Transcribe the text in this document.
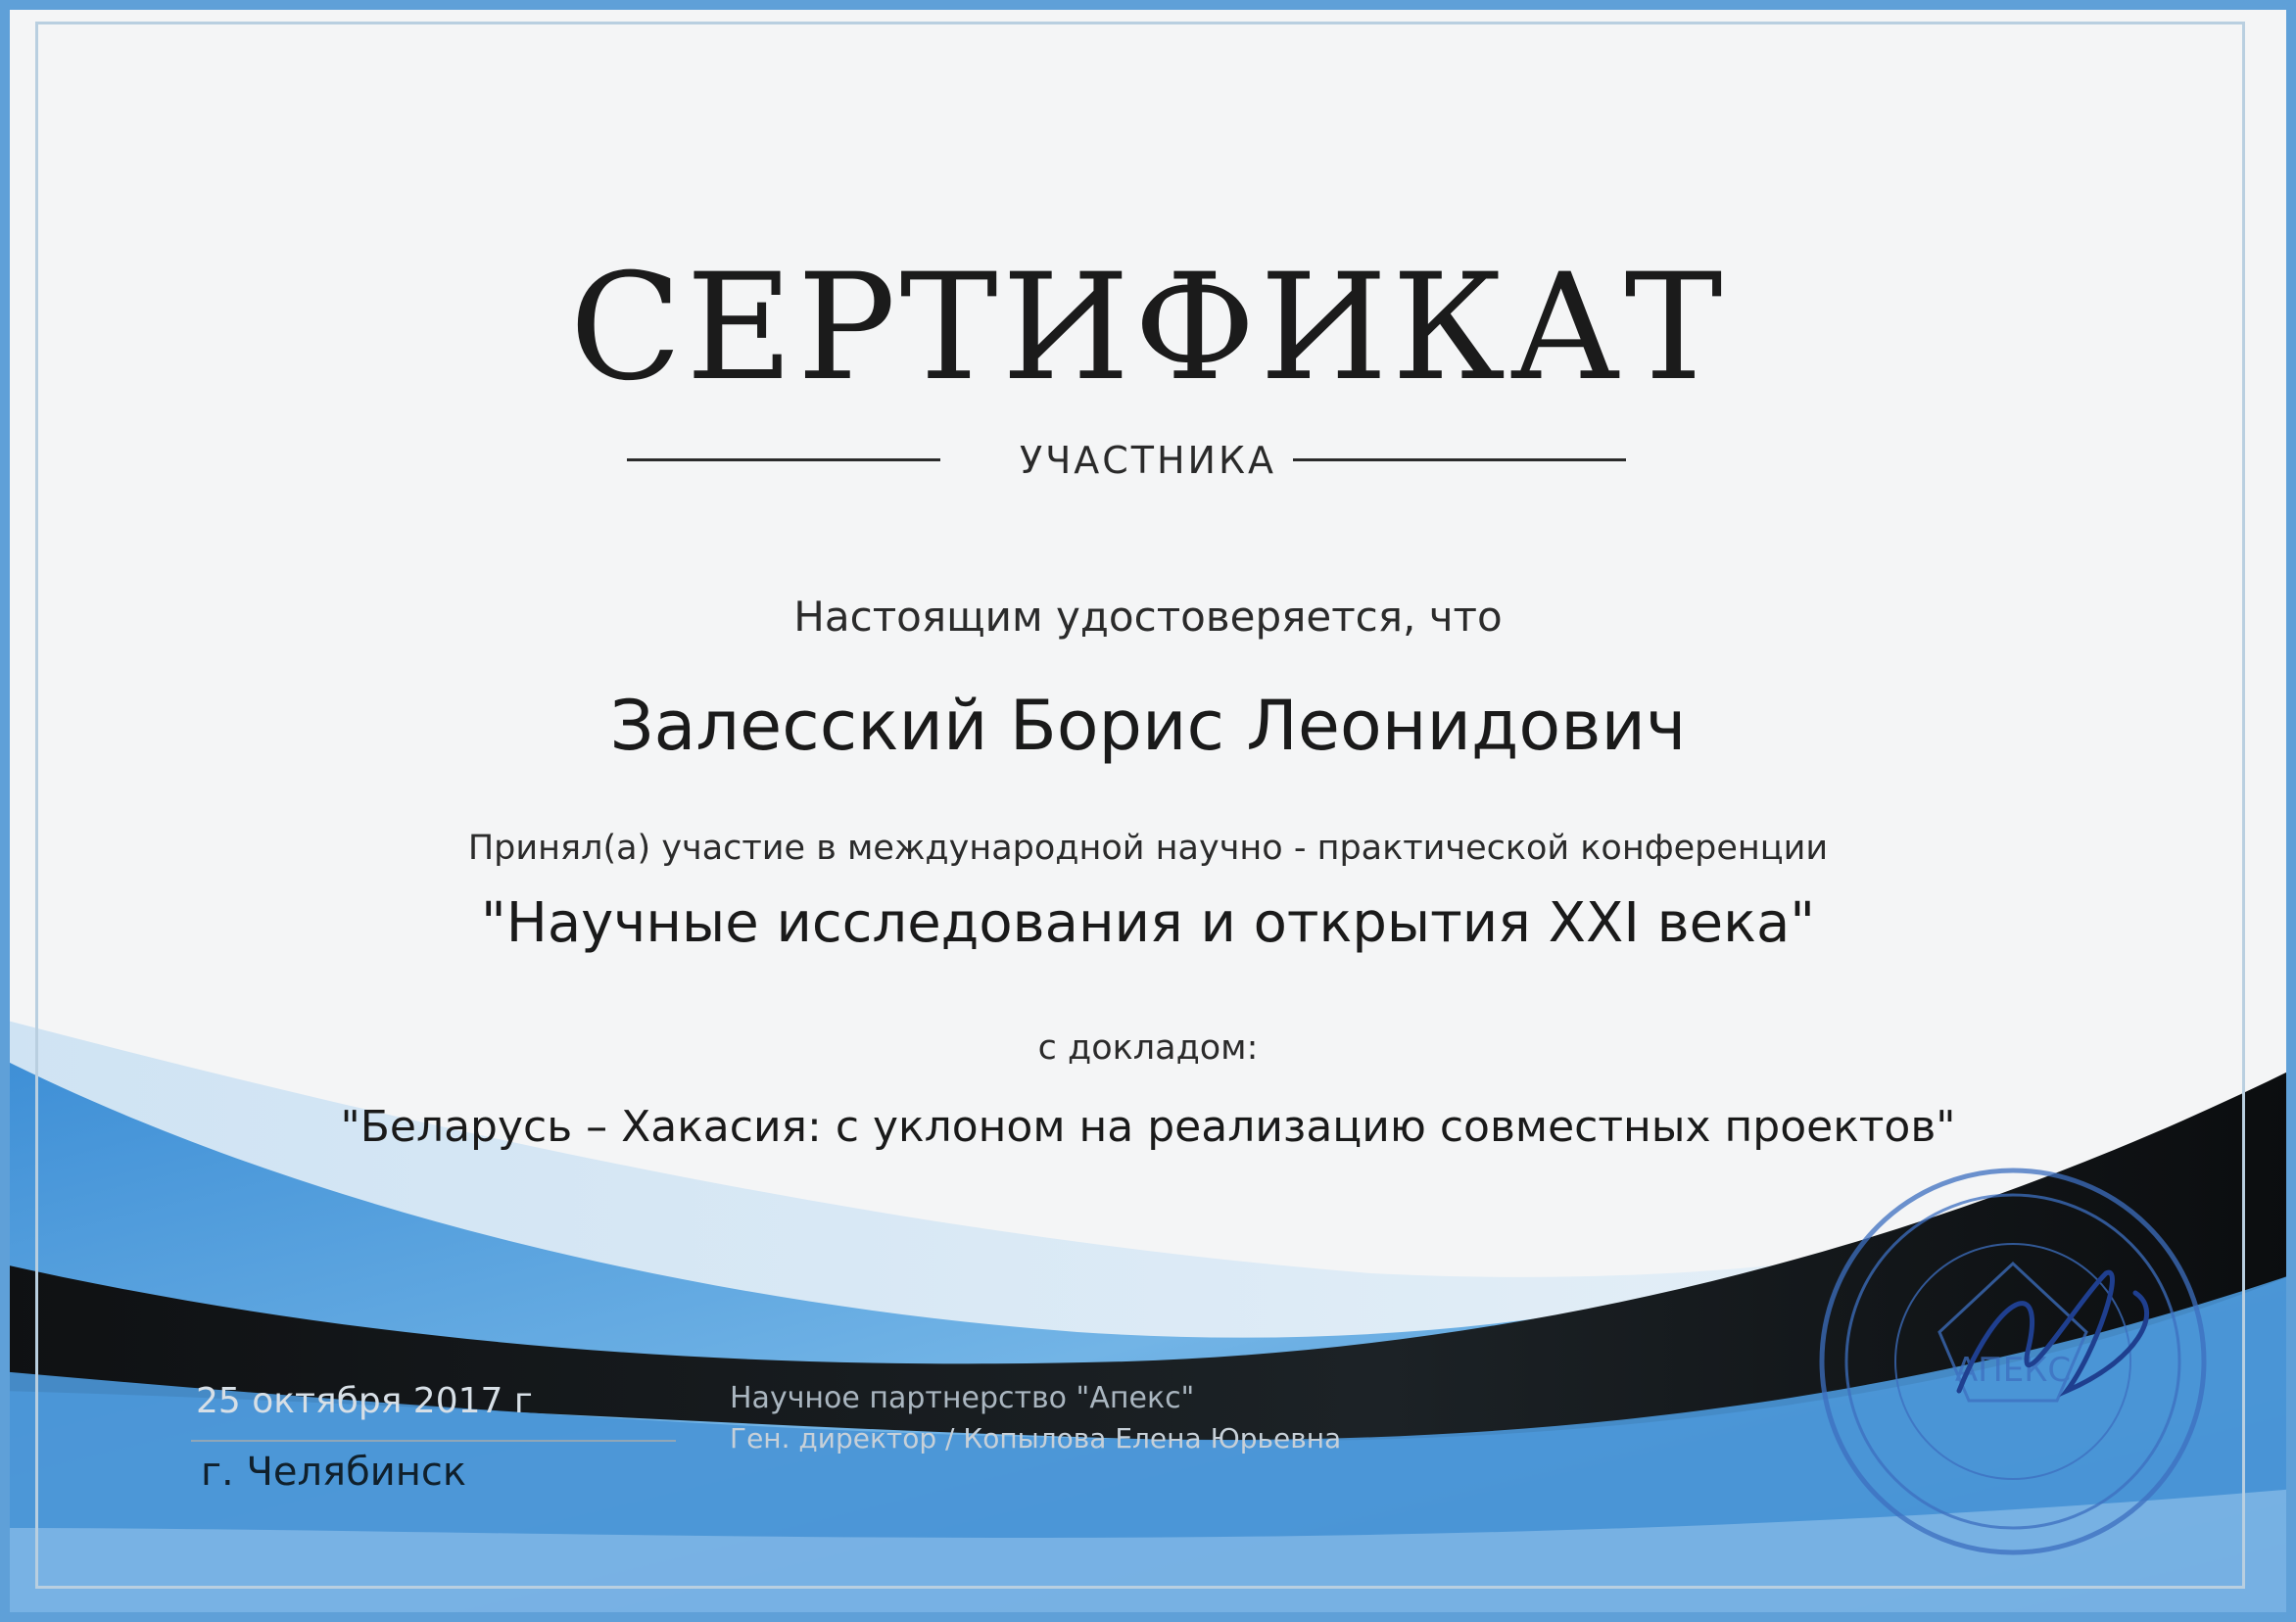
АПЕКС
СЕРТИФИКАТ
УЧАСТНИКА
Настоящим удостоверяется, что
Залесский Борис Леонидович
Принял(а) участие в международной научно - практической конференции
"Научные исследования и открытия XXI века"
с докладом:
"Беларусь – Хакасия: с уклоном на реализацию совместных проектов"
25 октября 2017 г
г. Челябинск
Научное партнерство "Апекс"
Ген. директор / Копылова Елена Юрьевна
